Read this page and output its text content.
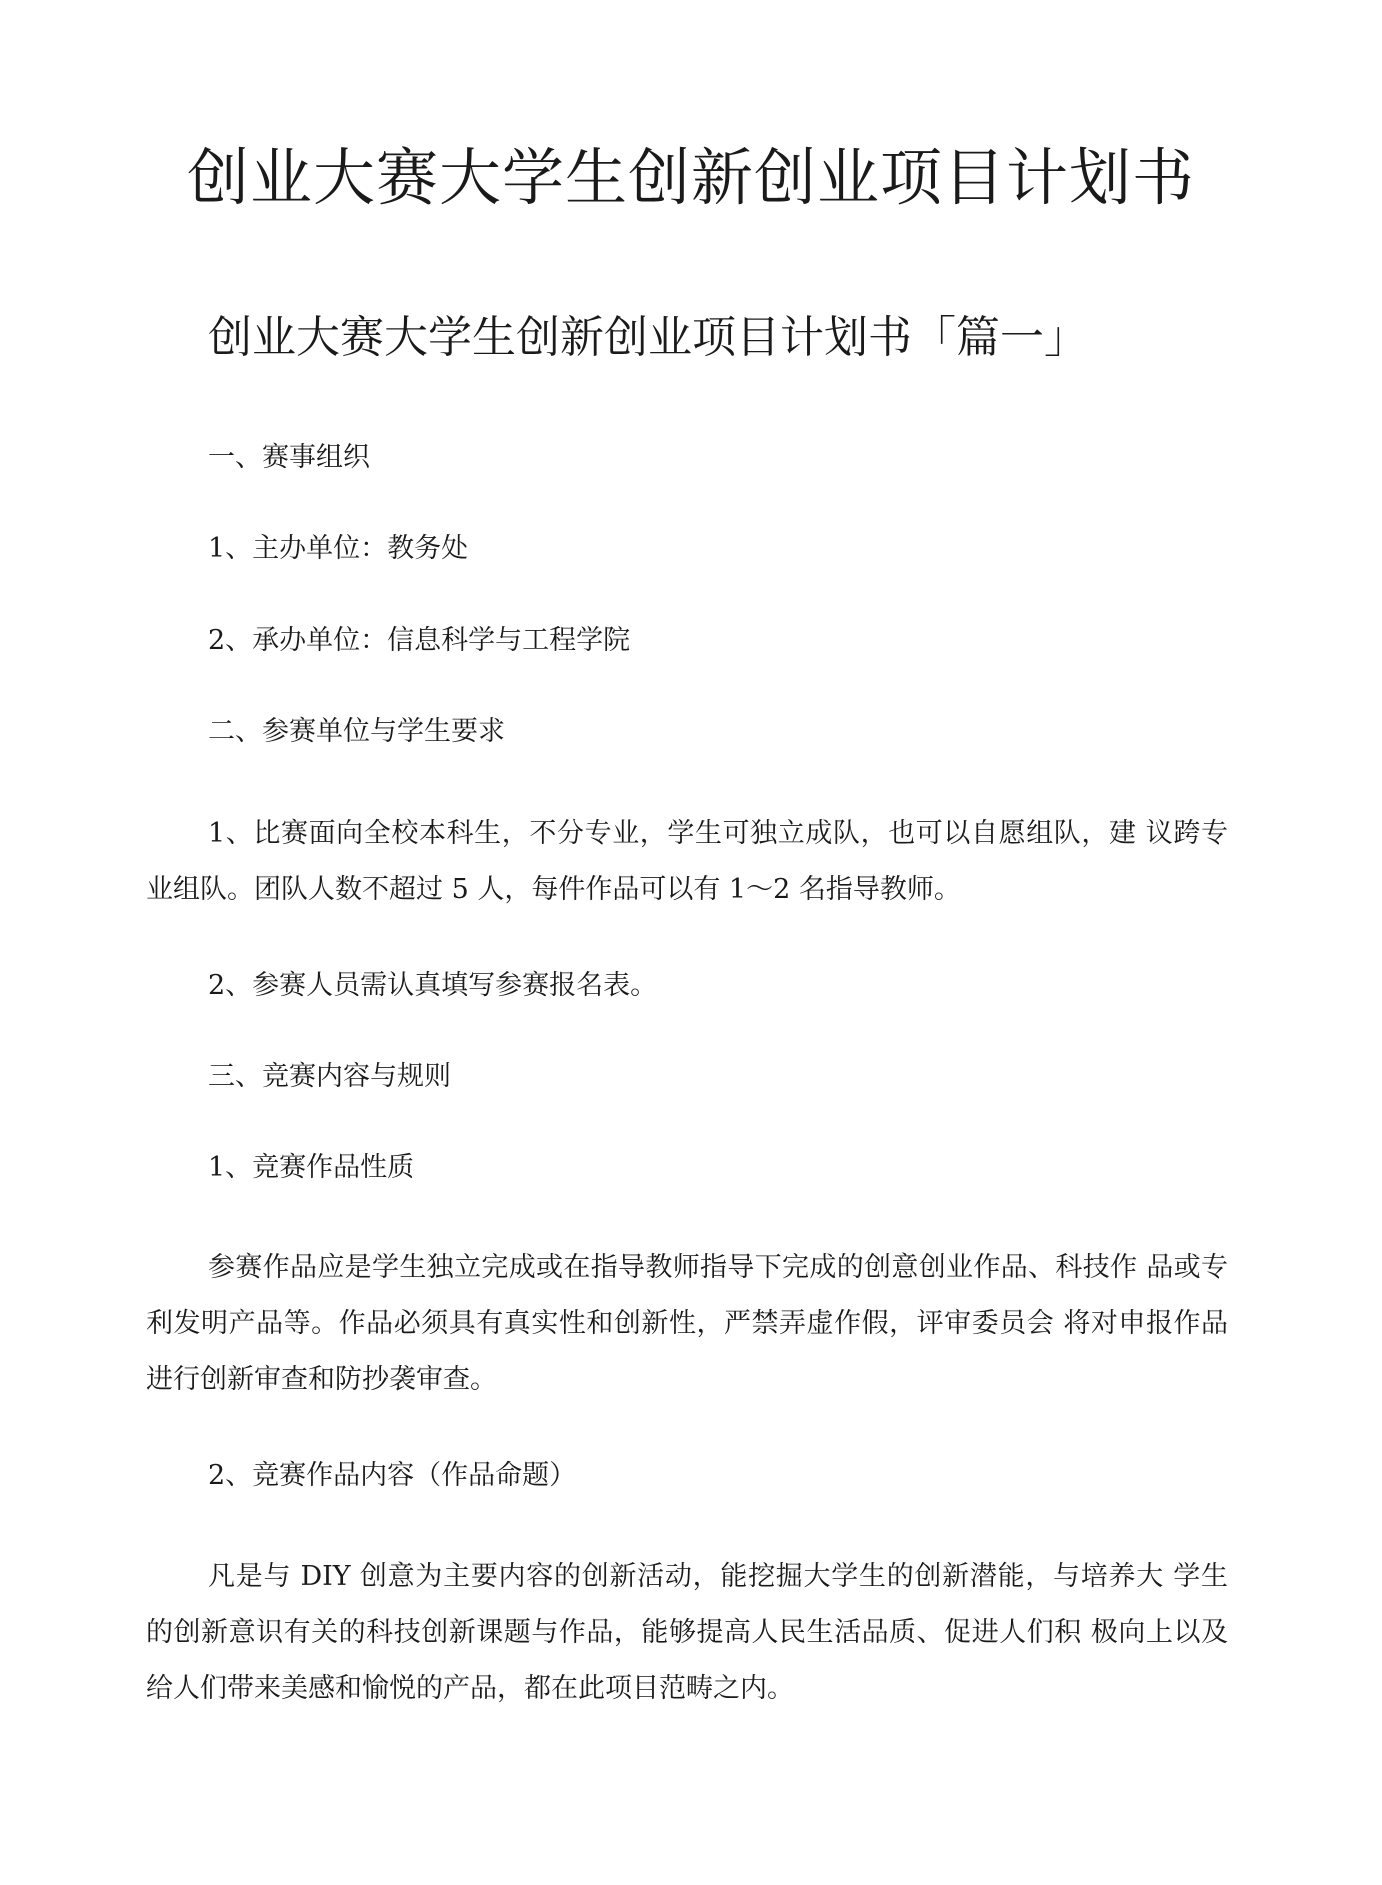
创业大赛大学生创新创业项目计划书
创业大赛大学生创新创业项目计划书「篇一」
一、赛事组织
1、主办单位：教务处
2、承办单位：信息科学与工程学院
二、参赛单位与学生要求
1、比赛面向全校本科生，不分专业，学生可独立成队，也可以自愿组队，建 议跨专业组队。团队人数不超过 5 人，每件作品可以有 1〜2 名指导教师。
2、参赛人员需认真填写参赛报名表。
三、竞赛内容与规则
1、竞赛作品性质
参赛作品应是学生独立完成或在指导教师指导下完成的创意创业作品、科技作 品或专利发明产品等。作品必须具有真实性和创新性，严禁弄虚作假，评审委员会 将对申报作品进行创新审查和防抄袭审查。
2、竞赛作品内容（作品命题）
凡是与 DIY 创意为主要内容的创新活动，能挖掘大学生的创新潜能，与培养大 学生的创新意识有关的科技创新课题与作品，能够提高人民生活品质、促进人们积 极向上以及给人们带来美感和愉悦的产品，都在此项目范畴之内。
